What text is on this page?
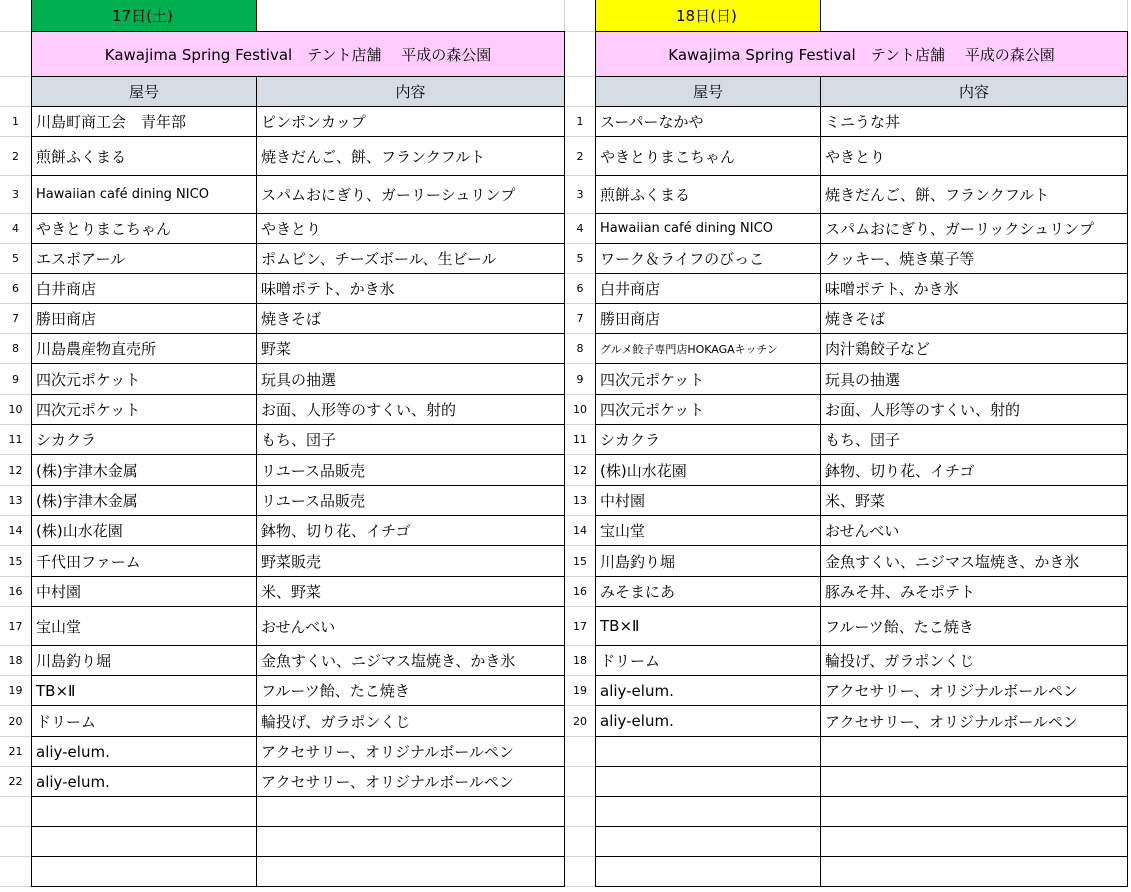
17日(土)	18日(日)
Kawajima Spring Festival　テント店舗　 平成の森公園	Kawajima Spring Festival　テント店舗　 平成の森公園
屋号	内容	屋号	内容
1	川島町商工会　青年部	ピンポンカップ	1	スーパーなかや	ミニうな丼
2	煎餅ふくまる	焼きだんご、餅、フランクフルト	2	やきとりまこちゃん	やきとり
3	Hawaiian café dining NICO	スパムおにぎり、ガーリーシュリンプ	3	煎餅ふくまる	焼きだんご、餅、フランクフルト
4	やきとりまこちゃん	やきとり	4	Hawaiian café dining NICO	スパムおにぎり、ガーリックシュリンプ
5	エスポアール	ポムピン、チーズボール、生ビール	5	ワーク＆ライフのびっこ	クッキー、焼き菓子等
6	白井商店	味噌ポテト、かき氷	6	白井商店	味噌ポテト、かき氷
7	勝田商店	焼きそば	7	勝田商店	焼きそば
8	川島農産物直売所	野菜	8	グルメ餃子専門店HOKAGAキッチン	肉汁鶏餃子など
9	四次元ポケット	玩具の抽選	9	四次元ポケット	玩具の抽選
10 四次元ポケット	お面、人形等のすくい、射的	10 四次元ポケット	お面、人形等のすくい、射的
11 シカクラ	もち、団子	11 シカクラ	もち、団子
12 (株)宇津木金属	リユース品販売	12 (株)山水花園	鉢物、切り花、イチゴ
13 (株)宇津木金属	リユース品販売	13 中村園	米、野菜
14 (株)山水花園	鉢物、切り花、イチゴ	14 宝山堂	おせんべい
15 千代田ファーム	野菜販売	15 川島釣り堀	金魚すくい、ニジマス塩焼き、かき氷
16 中村園	米、野菜	16 みそまにあ	豚みそ丼、みそポテト
17 宝山堂	おせんべい	17 TB×Ⅱ	フルーツ飴、たこ焼き
18 川島釣り堀	金魚すくい、ニジマス塩焼き、かき氷	18 ドリーム	輪投げ、ガラポンくじ
19 TB×Ⅱ	フルーツ飴、たこ焼き	19 aliy-elum.	アクセサリー、オリジナルボールペン
20 ドリーム	輪投げ、ガラポンくじ	20 aliy-elum.	アクセサリー、オリジナルボールペン
21 aliy-elum.	アクセサリー、オリジナルボールペン
22 aliy-elum.	アクセサリー、オリジナルボールペン
